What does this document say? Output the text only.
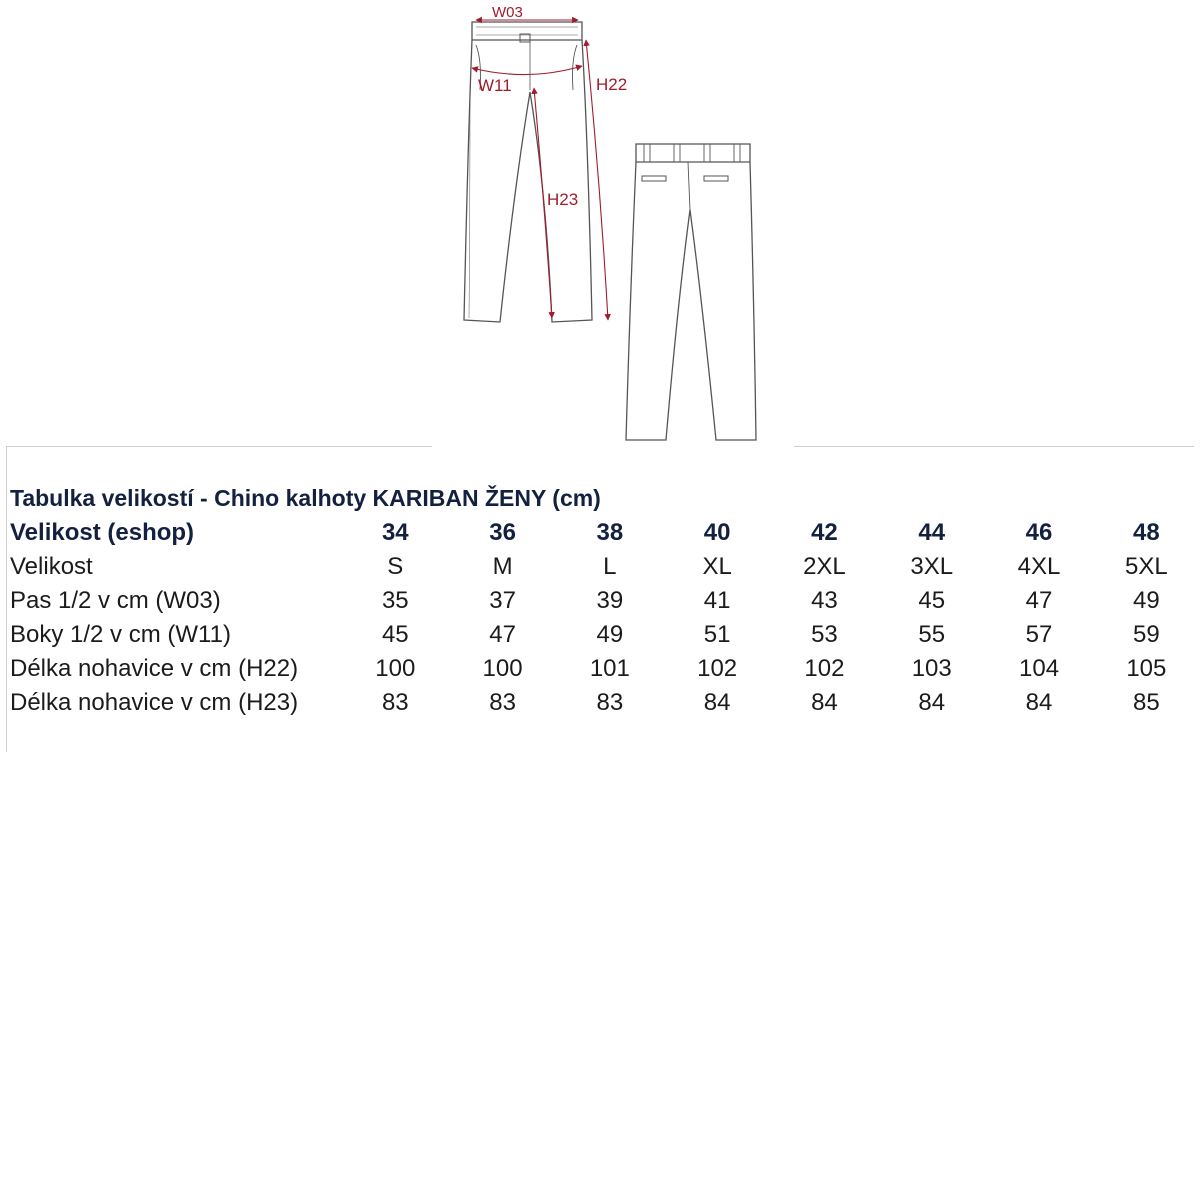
W03
W11	H22
H23
Tabulka velikostí - Chino kalhoty KARIBAN ŽENY (cm)								
Velikost (eshop)	34	36	38	40	42	44	46	48
Velikost	S	M	L	XL	2XL	3XL	4XL	5XL
Pas 1/2 v cm (W03)	35	37	39	41	43	45	47	49
Boky 1/2 v cm (W11)	45	47	49	51	53	55	57	59
Délka nohavice v cm (H22)	100	100	101	102	102	103	104	105
Délka nohavice v cm (H23)	83	83	83	84	84	84	84	85
